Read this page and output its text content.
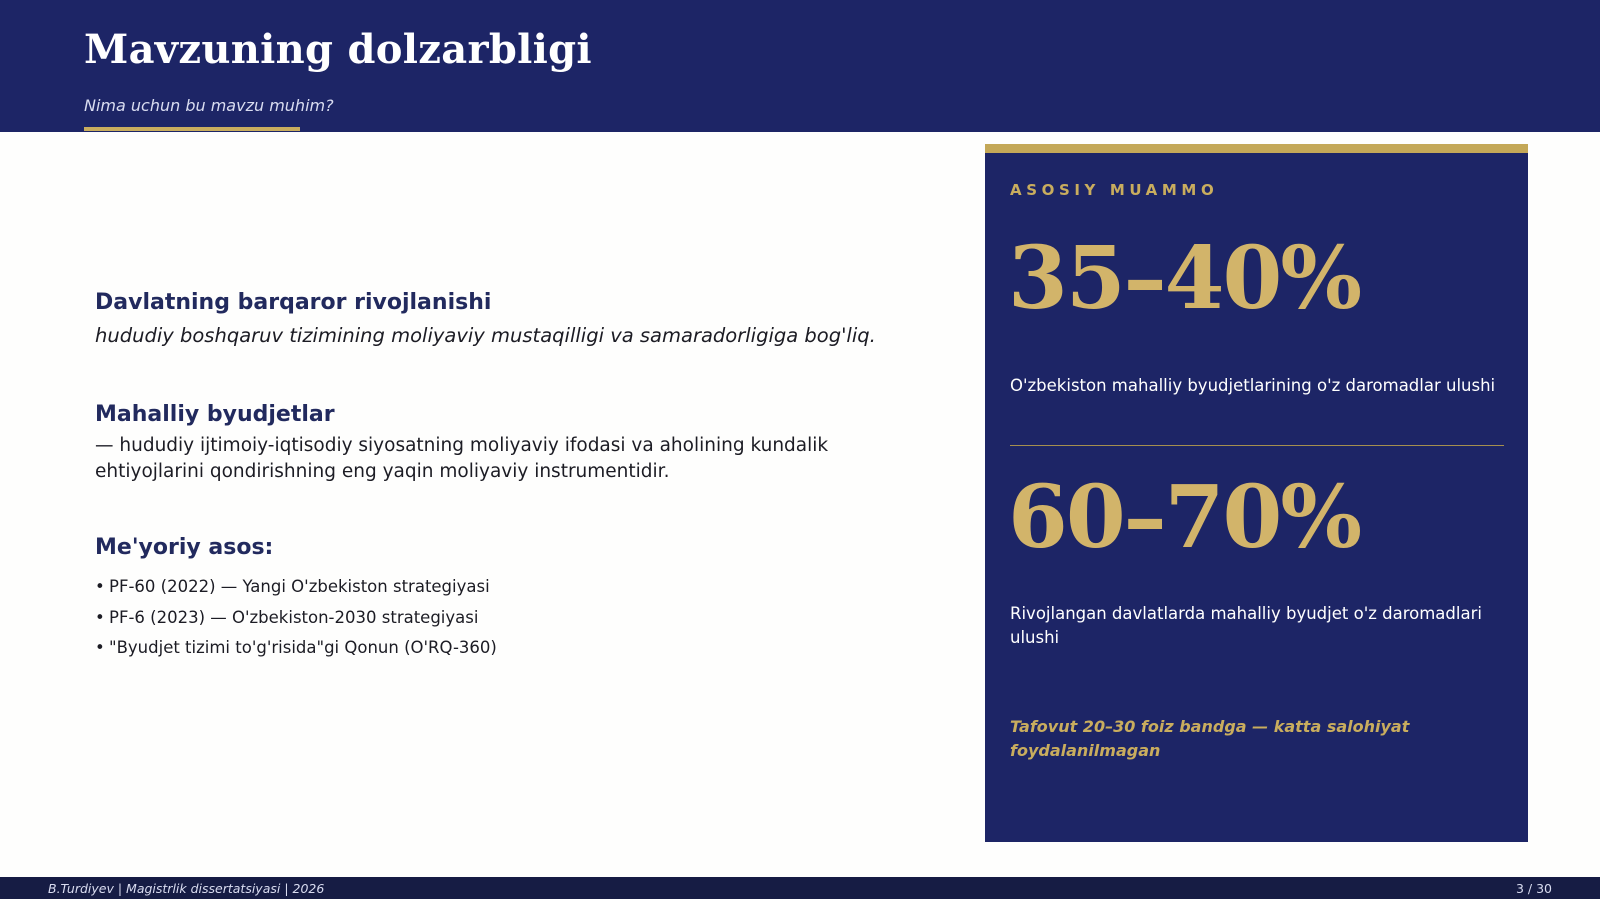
Mavzuning dolzarbligi
Nima uchun bu mavzu muhim?
Davlatning barqaror rivojlanishi
hududiy boshqaruv tizimining moliyaviy mustaqilligi va samaradorligiga bog'liq.
Mahalliy byudjetlar
— hududiy ijtimoiy-iqtisodiy siyosatning moliyaviy ifodasi va aholining kundalik ehtiyojlarini qondirishning eng yaqin moliyaviy instrumentidir.
Me'yoriy asos:
• PF-60 (2022) — Yangi O'zbekiston strategiyasi
• PF-6 (2023) — O'zbekiston-2030 strategiyasi
• "Byudjet tizimi to'g'risida"gi Qonun (O'RQ-360)
ASOSIY MUAMMO
35–40%
O'zbekiston mahalliy byudjetlarining o'z daromadlar ulushi
60–70%
Rivojlangan davlatlarda mahalliy byudjet o'z daromadlari ulushi
Tafovut 20–30 foiz bandga — katta salohiyat foydalanilmagan
B.Turdiyev | Magistrlik dissertatsiyasi | 2026	3 / 30
